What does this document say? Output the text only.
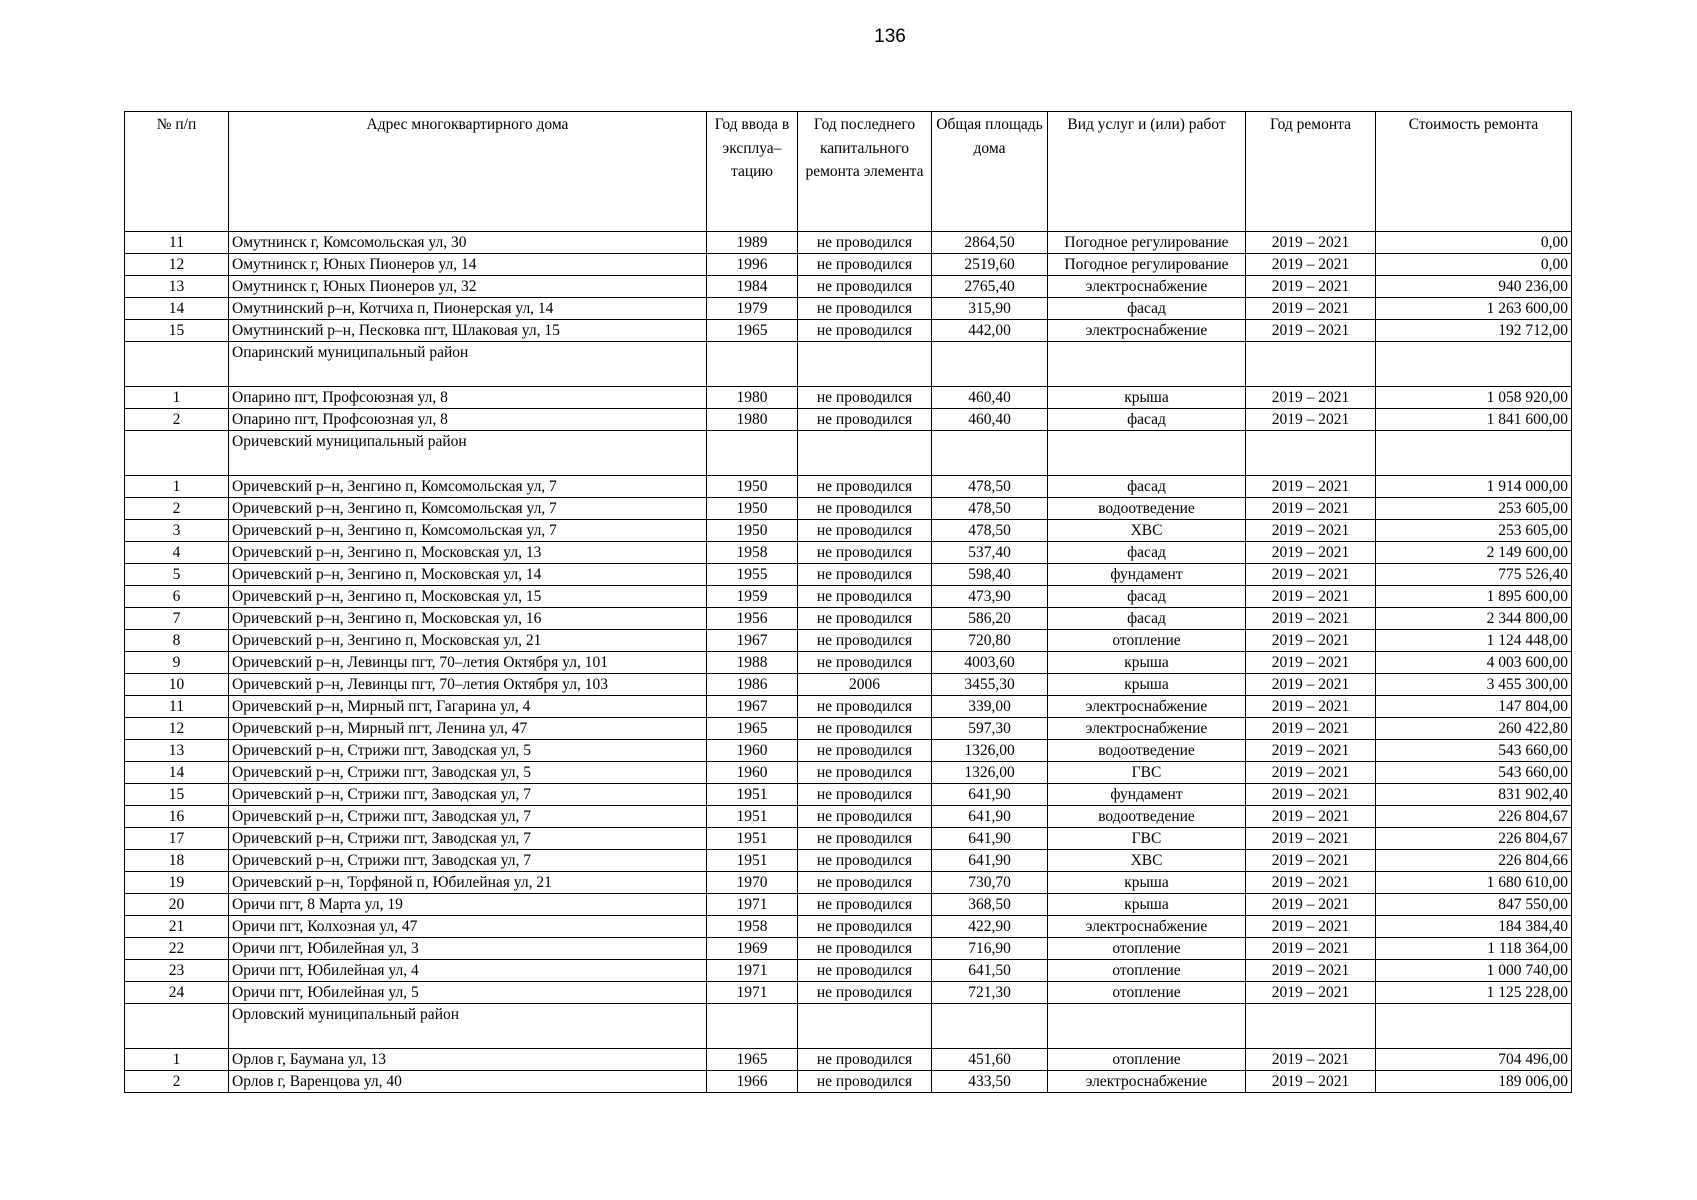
136
№ п/п	Адрес многоквартирного дома	Год ввода в эксплуа– тацию	Год последнего капитального ремонта элемента	Общая площадь дома	Вид услуг и (или) работ	Год ремонта	Стоимость ремонта
11	Омутнинск г, Комсомольская ул, 30	1989	не проводился	2864,50	Погодное регулирование	2019 – 2021	0,00
12	Омутнинск г, Юных Пионеров ул, 14	1996	не проводился	2519,60	Погодное регулирование	2019 – 2021	0,00
13	Омутнинск г, Юных Пионеров ул, 32	1984	не проводился	2765,40	электроснабжение	2019 – 2021	940 236,00
14	Омутнинский р–н, Котчиха п, Пионерская ул, 14	1979	не проводился	315,90	фасад	2019 – 2021	1 263 600,00
15	Омутнинский р–н, Песковка пгт, Шлаковая ул, 15	1965	не проводился	442,00	электроснабжение	2019 – 2021	192 712,00
	Опаринский муниципальный район						
1	Опарино пгт, Профсоюзная ул, 8	1980	не проводился	460,40	крыша	2019 – 2021	1 058 920,00
2	Опарино пгт, Профсоюзная ул, 8	1980	не проводился	460,40	фасад	2019 – 2021	1 841 600,00
	Оричевский муниципальный район						
1	Оричевский р–н, Зенгино п, Комсомольская ул, 7	1950	не проводился	478,50	фасад	2019 – 2021	1 914 000,00
2	Оричевский р–н, Зенгино п, Комсомольская ул, 7	1950	не проводился	478,50	водоотведение	2019 – 2021	253 605,00
3	Оричевский р–н, Зенгино п, Комсомольская ул, 7	1950	не проводился	478,50	ХВС	2019 – 2021	253 605,00
4	Оричевский р–н, Зенгино п, Московская ул, 13	1958	не проводился	537,40	фасад	2019 – 2021	2 149 600,00
5	Оричевский р–н, Зенгино п, Московская ул, 14	1955	не проводился	598,40	фундамент	2019 – 2021	775 526,40
6	Оричевский р–н, Зенгино п, Московская ул, 15	1959	не проводился	473,90	фасад	2019 – 2021	1 895 600,00
7	Оричевский р–н, Зенгино п, Московская ул, 16	1956	не проводился	586,20	фасад	2019 – 2021	2 344 800,00
8	Оричевский р–н, Зенгино п, Московская ул, 21	1967	не проводился	720,80	отопление	2019 – 2021	1 124 448,00
9	Оричевский р–н, Левинцы пгт, 70–летия Октября ул, 101	1988	не проводился	4003,60	крыша	2019 – 2021	4 003 600,00
10	Оричевский р–н, Левинцы пгт, 70–летия Октября ул, 103	1986	2006	3455,30	крыша	2019 – 2021	3 455 300,00
11	Оричевский р–н, Мирный пгт, Гагарина ул, 4	1967	не проводился	339,00	электроснабжение	2019 – 2021	147 804,00
12	Оричевский р–н, Мирный пгт, Ленина ул, 47	1965	не проводился	597,30	электроснабжение	2019 – 2021	260 422,80
13	Оричевский р–н, Стрижи пгт, Заводская ул, 5	1960	не проводился	1326,00	водоотведение	2019 – 2021	543 660,00
14	Оричевский р–н, Стрижи пгт, Заводская ул, 5	1960	не проводился	1326,00	ГВС	2019 – 2021	543 660,00
15	Оричевский р–н, Стрижи пгт, Заводская ул, 7	1951	не проводился	641,90	фундамент	2019 – 2021	831 902,40
16	Оричевский р–н, Стрижи пгт, Заводская ул, 7	1951	не проводился	641,90	водоотведение	2019 – 2021	226 804,67
17	Оричевский р–н, Стрижи пгт, Заводская ул, 7	1951	не проводился	641,90	ГВС	2019 – 2021	226 804,67
18	Оричевский р–н, Стрижи пгт, Заводская ул, 7	1951	не проводился	641,90	ХВС	2019 – 2021	226 804,66
19	Оричевский р–н, Торфяной п, Юбилейная ул, 21	1970	не проводился	730,70	крыша	2019 – 2021	1 680 610,00
20	Оричи пгт, 8 Марта ул, 19	1971	не проводился	368,50	крыша	2019 – 2021	847 550,00
21	Оричи пгт, Колхозная ул, 47	1958	не проводился	422,90	электроснабжение	2019 – 2021	184 384,40
22	Оричи пгт, Юбилейная ул, 3	1969	не проводился	716,90	отопление	2019 – 2021	1 118 364,00
23	Оричи пгт, Юбилейная ул, 4	1971	не проводился	641,50	отопление	2019 – 2021	1 000 740,00
24	Оричи пгт, Юбилейная ул, 5	1971	не проводился	721,30	отопление	2019 – 2021	1 125 228,00
	Орловский муниципальный район						
1	Орлов г, Баумана ул, 13	1965	не проводился	451,60	отопление	2019 – 2021	704 496,00
2	Орлов г, Варенцова ул, 40	1966	не проводился	433,50	электроснабжение	2019 – 2021	189 006,00
